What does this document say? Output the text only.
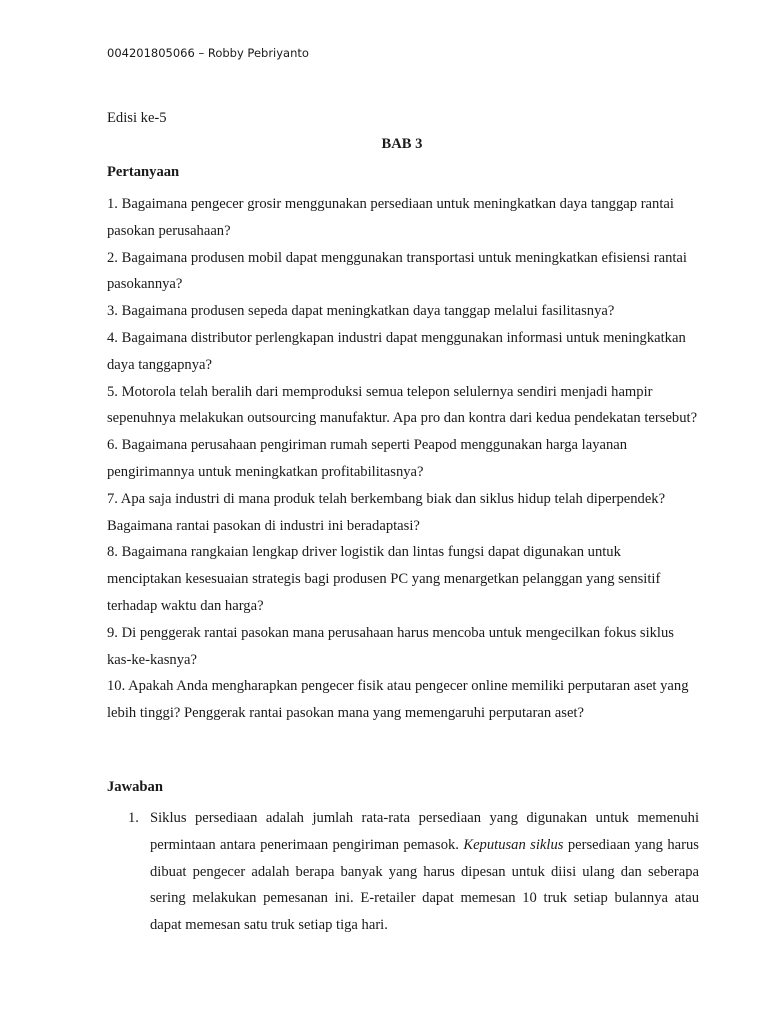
004201805066 – Robby Pebriyanto
Edisi ke-5
BAB 3
Pertanyaan
1. Bagaimana pengecer grosir menggunakan persediaan untuk meningkatkan daya tanggap rantai pasokan perusahaan?
2. Bagaimana produsen mobil dapat menggunakan transportasi untuk meningkatkan efisiensi rantai pasokannya?
3. Bagaimana produsen sepeda dapat meningkatkan daya tanggap melalui fasilitasnya?
4. Bagaimana distributor perlengkapan industri dapat menggunakan informasi untuk meningkatkan daya tanggapnya?
5. Motorola telah beralih dari memproduksi semua telepon selulernya sendiri menjadi hampir sepenuhnya melakukan outsourcing manufaktur. Apa pro dan kontra dari kedua pendekatan tersebut?
6. Bagaimana perusahaan pengiriman rumah seperti Peapod menggunakan harga layanan pengirimannya untuk meningkatkan profitabilitasnya?
7. Apa saja industri di mana produk telah berkembang biak dan siklus hidup telah diperpendek? Bagaimana rantai pasokan di industri ini beradaptasi?
8. Bagaimana rangkaian lengkap driver logistik dan lintas fungsi dapat digunakan untuk menciptakan kesesuaian strategis bagi produsen PC yang menargetkan pelanggan yang sensitif terhadap waktu dan harga?
9. Di penggerak rantai pasokan mana perusahaan harus mencoba untuk mengecilkan fokus siklus kas-ke-kasnya?
10. Apakah Anda mengharapkan pengecer fisik atau pengecer online memiliki perputaran aset yang lebih tinggi? Penggerak rantai pasokan mana yang memengaruhi perputaran aset?
Jawaban
1. Siklus persediaan adalah jumlah rata-rata persediaan yang digunakan untuk memenuhi permintaan antara penerimaan pengiriman pemasok. Keputusan siklus persediaan yang harus dibuat pengecer adalah berapa banyak yang harus dipesan untuk diisi ulang dan seberapa sering melakukan pemesanan ini. E-retailer dapat memesan 10 truk setiap bulannya atau dapat memesan satu truk setiap tiga hari.
